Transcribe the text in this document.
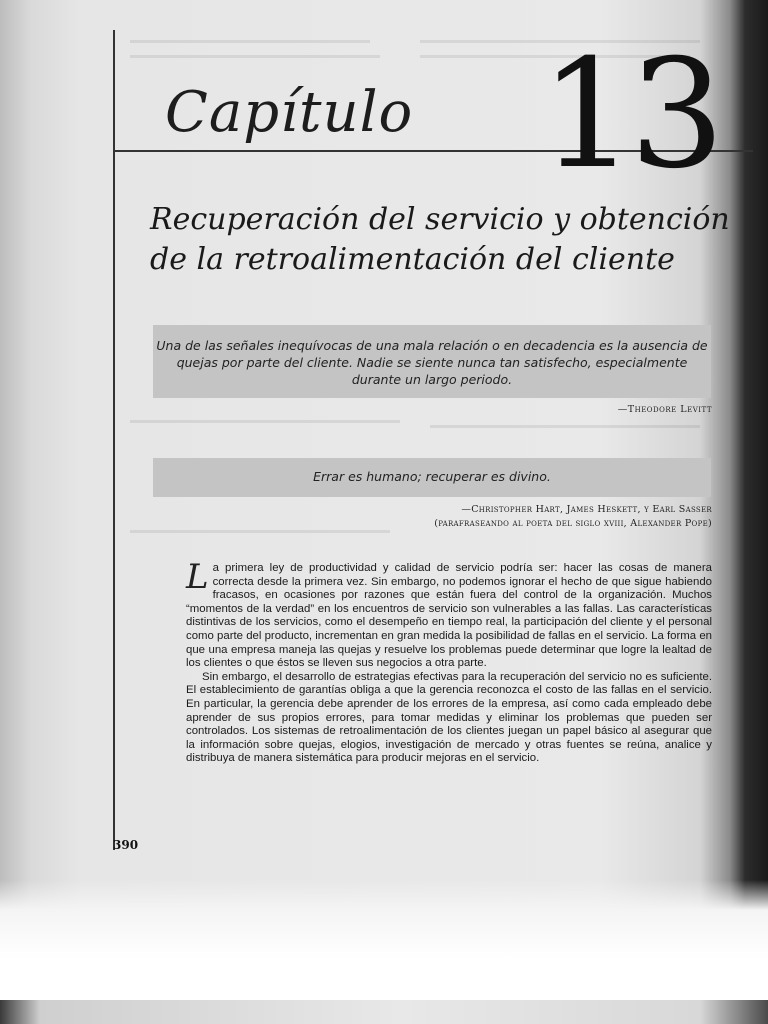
Capítulo 13
Recuperación del servicio y obtención de la retroalimentación del cliente
Una de las señales inequívocas de una mala relación o en decadencia es la ausencia de quejas por parte del cliente. Nadie se siente nunca tan satisfecho, especialmente durante un largo periodo.
—Theodore Levitt
Errar es humano; recuperar es divino.
—Christopher Hart, James Heskett, y Earl Sasser
(parafraseando al poeta del siglo xviii, Alexander Pope)

La primera ley de productividad y calidad de servicio podría ser: hacer las cosas de manera correcta desde la primera vez. Sin embargo, no podemos ignorar el hecho de que sigue habiendo fracasos, en ocasiones por razones que están fuera del control de la organización. Muchos “momentos de la verdad” en los encuentros de servicio son vulnerables a las fallas. Las características distintivas de los servicios, como el desempeño en tiempo real, la participación del cliente y el personal como parte del producto, incrementan en gran medida la posibilidad de fallas en el servicio. La forma en que una empresa maneja las quejas y resuelve los problemas puede determinar que logre la lealtad de los clientes o que éstos se lleven sus negocios a otra parte.

Sin embargo, el desarrollo de estrategias efectivas para la recuperación del servicio no es suficiente. El establecimiento de garantías obliga a que la gerencia reconozca el costo de las fallas en el servicio. En particular, la gerencia debe aprender de los errores de la empresa, así como cada empleado debe aprender de sus propios errores, para tomar medidas y eliminar los problemas que pueden ser controlados. Los sistemas de retroalimentación de los clientes juegan un papel básico al asegurar que la información sobre quejas, elogios, investigación de mercado y otras fuentes se reúna, analice y distribuya de manera sistemática para producir mejoras en el servicio.

390
